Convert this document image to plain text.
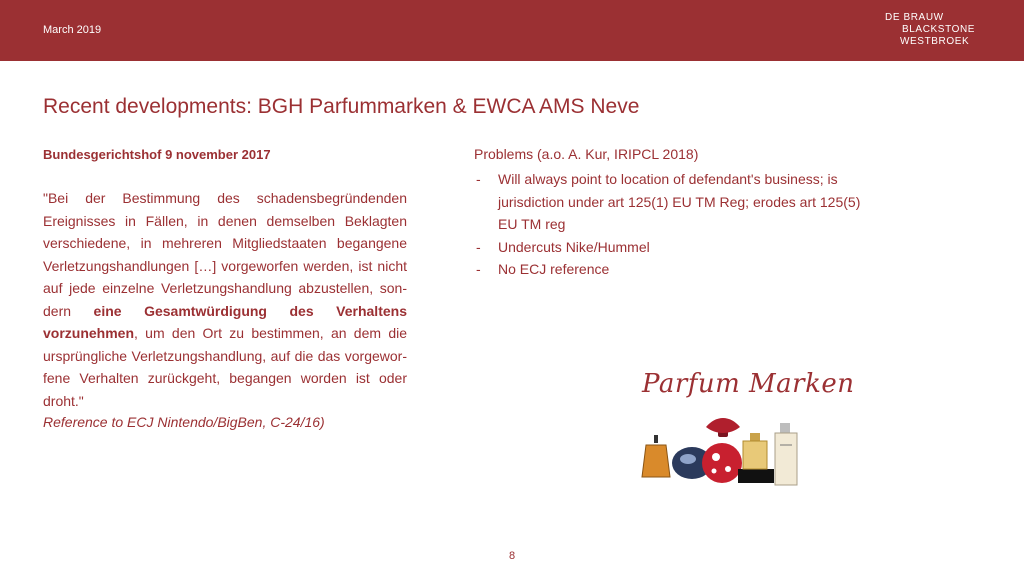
March 2019
DE BRAUW
BLACKSTONE
WESTBROEK
Recent developments: BGH Parfummarken & EWCA AMS Neve
Bundesgerichtshof 9 november 2017
"Bei der Bestimmung des schadensbegründenden Ereignisses in Fällen, in denen demselben Beklagten verschiedene, in mehreren Mitgliedstaaten begangene Verletzungshandlungen […] vorgeworfen werden, ist nicht auf jede einzelne Verletzungshandlung abzustellen, son-dern eine Gesamtwürdigung des Verhaltens vorzunehmen, um den Ort zu bestimmen, an dem die ursprüngliche Verletzungshandlung, auf die das vorgewor-fene Verhalten zurückgeht, begangen worden ist oder droht."
Reference to ECJ Nintendo/BigBen, C-24/16)
Problems (a.o. A. Kur, IRIPCL 2018)
- Will always point to location of defendant's business; is jurisdiction under art 125(1) EU TM Reg; erodes art 125(5) EU TM reg
- Undercuts Nike/Hummel
- No ECJ reference
Parfum Marken
8
